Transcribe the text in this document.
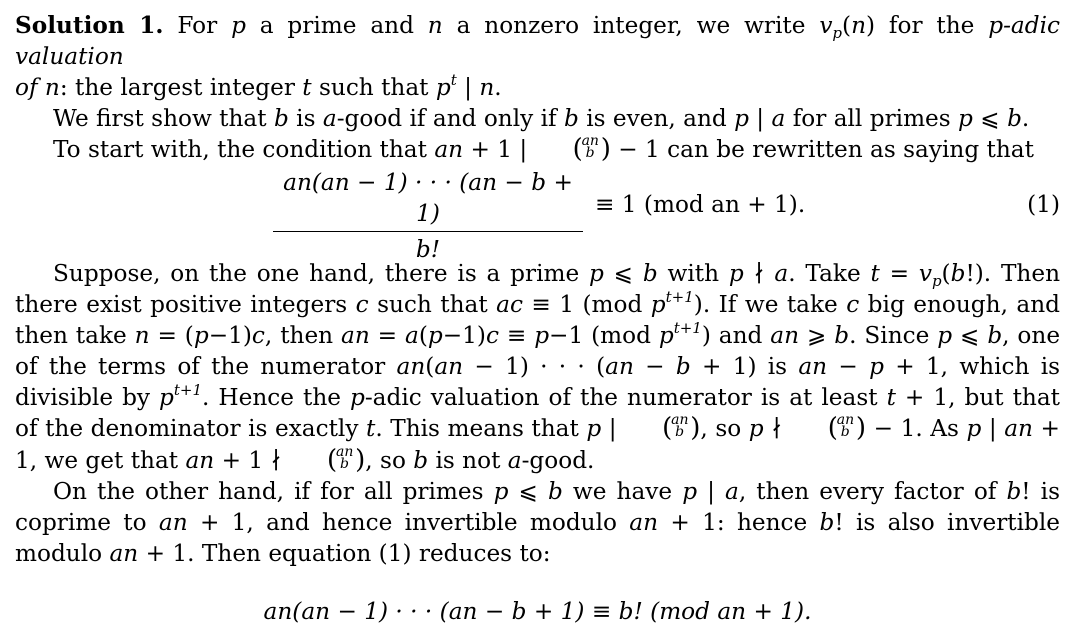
Solution 1. For p a prime and n a nonzero integer, we write $v_p(n)$ for the p-adic valuation

of n: the largest integer t such that $p^t$ | n.

We first show that b is a-good if and only if b is even, and p | a for all primes p ⩽ b.

To start with, the condition that an + 1 | (
an
b ) − 1 can be rewritten as saying that

an(an − 1) · · · (an − b + 1)
b!
≡ 1 (mod an + 1).	(1)

Suppose, on the one hand, there is a prime p ⩽ b with p ∤ a. Take $t = v_p(b!)$. Then there exist positive integers c such that ac ≡ 1 (mod $p^{t+1}$). If we take c big enough, and then take n = (p−1)c, then an = a(p−1)c ≡ p−1 (mod $p^{t+1}$) and an ⩾ b. Since p ⩽ b, one of the terms of the numerator an(an − 1) · · · (an − b + 1) is an − p + 1, which is divisible by $p^{t+1}$. Hence the p-adic valuation of the numerator is at least t + 1, but that of the denominator is exactly t. This means that p | (
an
b ), so p ∤ (
an
b ) − 1. As p | an + 1, we get that an + 1 ∤ (
an
b ), so b is not a-good.

On the other hand, if for all primes p ⩽ b we have p | a, then every factor of b! is coprime to an + 1, and hence invertible modulo an + 1: hence b! is also invertible modulo an + 1. Then equation (1) reduces to:

an(an − 1) · · · (an − b + 1) ≡ b! (mod an + 1).
